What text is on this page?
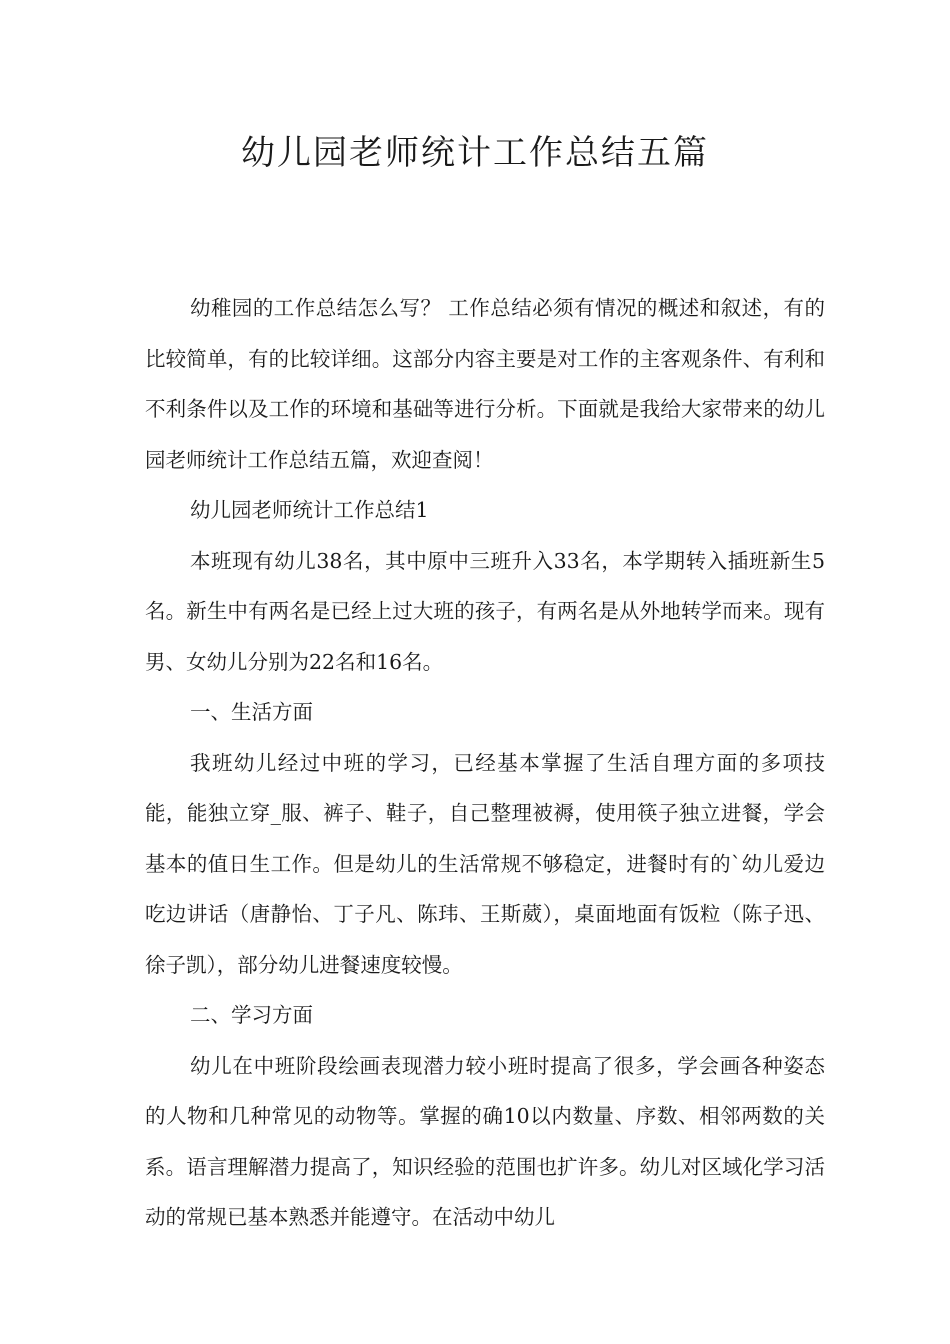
幼儿园老师统计工作总结五篇

幼稚园的工作总结怎么写？ 工作总结必须有情况的概述和叙述，有的比较简单，有的比较详细。这部分内容主要是对工作的主客观条件、有利和不利条件以及工作的环境和基础等进行分析。下面就是我给大家带来的幼儿园老师统计工作总结五篇，欢迎查阅！

幼儿园老师统计工作总结1

本班现有幼儿38名，其中原中三班升入33名，本学期转入插班新生5名。新生中有两名是已经上过大班的孩子，有两名是从外地转学而来。现有男、女幼儿分别为22名和16名。

一、生活方面

我班幼儿经过中班的学习，已经基本掌握了生活自理方面的多项技能，能独立穿_服、裤子、鞋子，自己整理被褥，使用筷子独立进餐，学会基本的值日生工作。但是幼儿的生活常规不够稳定，进餐时有的`幼儿爱边吃边讲话（唐静怡、丁子凡、陈玮、王斯葳），桌面地面有饭粒（陈子迅、徐子凯），部分幼儿进餐速度较慢。

二、学习方面

幼儿在中班阶段绘画表现潜力较小班时提高了很多，学会画各种姿态的人物和几种常见的动物等。掌握的确10以内数量、序数、相邻两数的关系。语言理解潜力提高了，知识经验的范围也扩许多。幼儿对区域化学习活动的常规已基本熟悉并能遵守。在活动中幼儿
